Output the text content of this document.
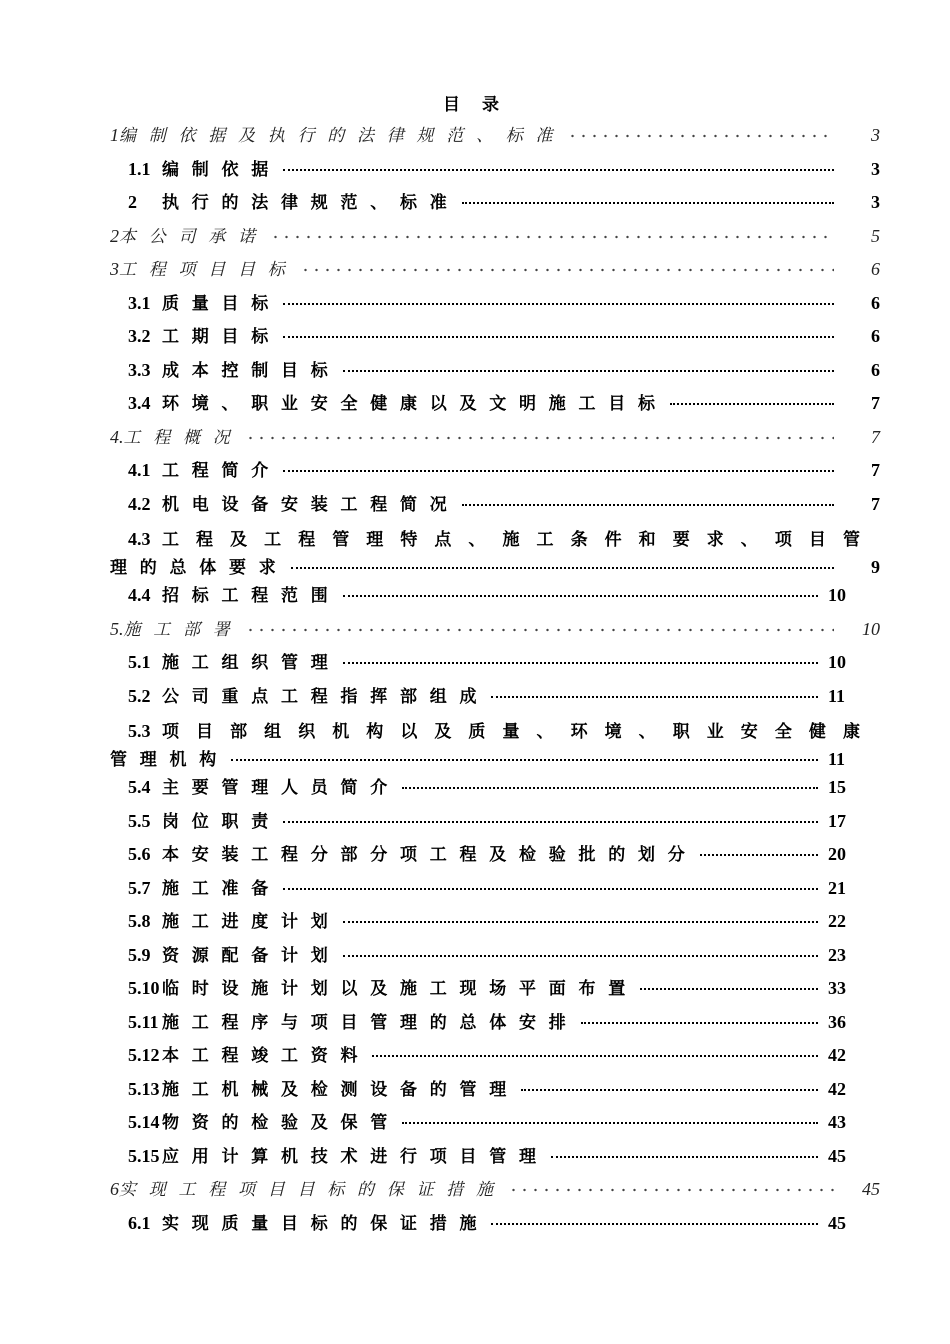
目 录
1 编制依据及执行的法律规范、标准	3
1.1 编制依据	3
2	执行的法律规范、标准	3
2 本公司承诺	5
3 工程项目目标	6
3.1 质量目标	6
3.2 工期目标	6
3.3 成本控制目标	6
3.4 环境、职业安全健康以及文明施工目标	7
4. 工程概况	7
4.1 工程简介	7
4.2 机电设备安装工程简况	7
4.3 工 程 及 工 程 管 理 特 点 、 施 工 条 件 和 要 求 、 项 目 管
理的总体要求	9
4.4 招标工程范围	10
5. 施工部署	10
5.1 施工组织管理	10
5.2 公司重点工程指挥部组成	11
5.3 项 目 部 组 织 机 构 以 及 质 量 、 环 境 、 职 业 安 全 健 康
管理机构	11
5.4 主要管理人员简介	15
5.5 岗位职责	17
5.6 本安装工程分部分项工程及检验批的划分	20
5.7 施工准备	21
5.8 施工进度计划	22
5.9 资源配备计划	23
5.10 临时设施计划以及施工现场平面布置	33
5.11 施工程序与项目管理的总体安排	36
5.12 本工程竣工资料	42
5.13 施工机械及检测设备的管理	42
5.14 物资的检验及保管	43
5.15 应用计算机技术进行项目管理	45
6 实现工程项目目标的保证措施	45
6.1 实现质量目标的保证措施	45
